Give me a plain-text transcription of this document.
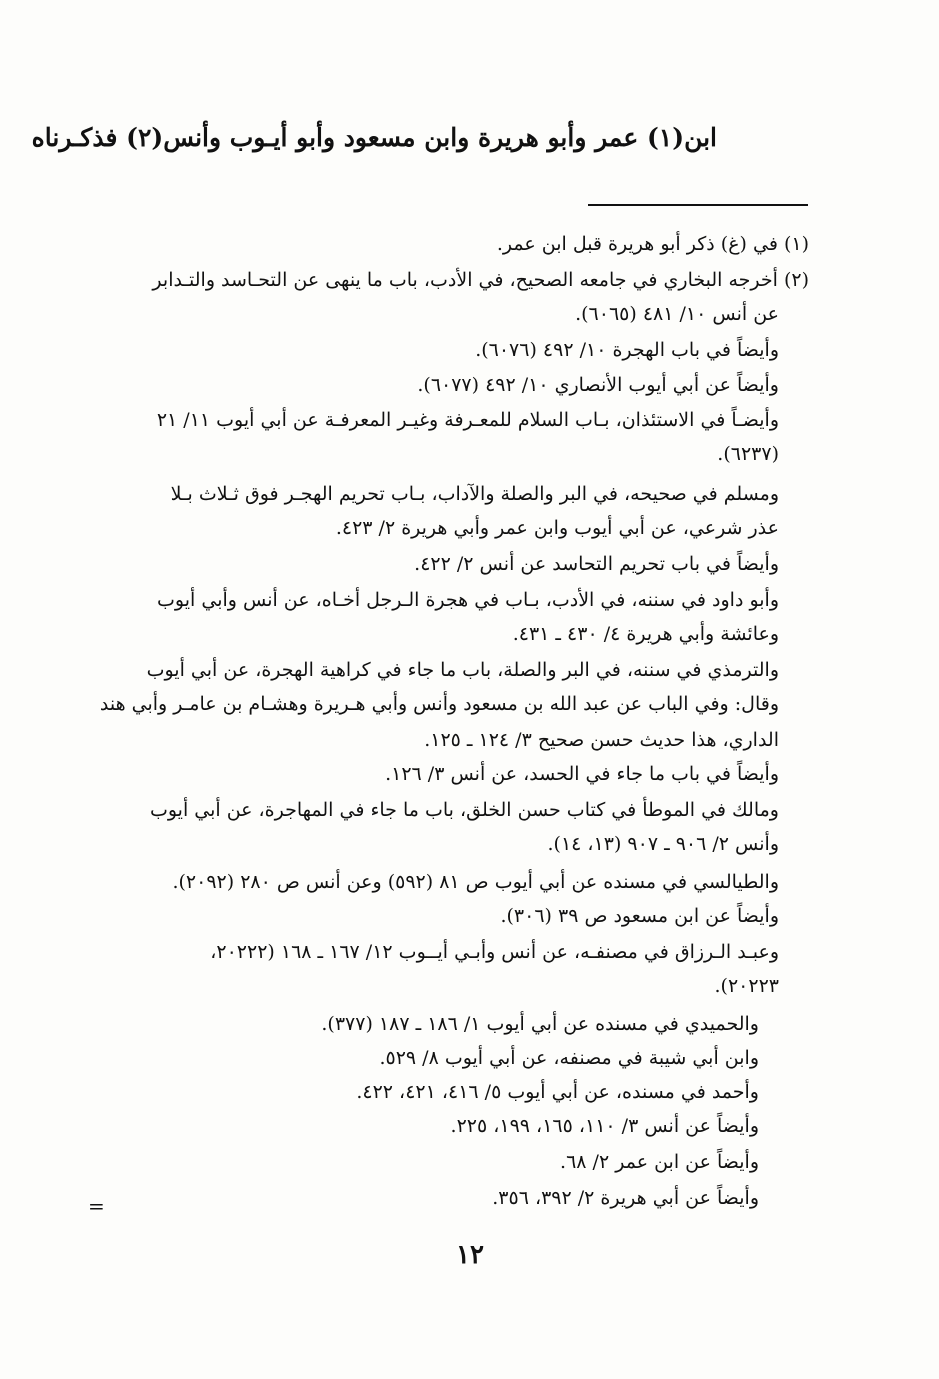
ابن(١) عمر وأبو هريرة وابن مسعود وأبو أيـوب وأنس(٢) فذكـرناه
(١) في (غ) ذكر أبو هريرة قبل ابن عمر.
(٢) أخرجه البخاري في جامعه الصحيح، في الأدب، باب ما ينهى عن التحـاسد والتـدابر
عن أنس ١٠/ ٤٨١ (٦٠٦٥).
وأيضاً في باب الهجرة ١٠/ ٤٩٢ (٦٠٧٦).
وأيضاً عن أبي أيوب الأنصاري ١٠/ ٤٩٢ (٦٠٧٧).
وأيضـاً في الاستئذان، بـاب السلام للمعـرفة وغيـر المعرفـة عن أبي أيوب ١١/ ٢١
(٦٢٣٧).
ومسلم في صحيحه، في البر والصلة والآداب، بـاب تحريم الهجـر فوق ثـلاث بـلا
عذر شرعي، عن أبي أيوب وابن عمر وأبي هريرة ٢/ ٤٢٣.
وأيضاً في باب تحريم التحاسد عن أنس ٢/ ٤٢٢.
وأبو داود في سننه، في الأدب، بـاب في هجرة الـرجل أخـاه، عن أنس وأبي أيوب
وعائشة وأبي هريرة ٤/ ٤٣٠ ـ ٤٣١.
والترمذي في سننه، في البر والصلة، باب ما جاء في كراهية الهجرة، عن أبي أيوب
وقال: وفي الباب عن عبد الله بن مسعود وأنس وأبي هـريرة وهشـام بن عامـر وأبي هند
الداري، هذا حديث حسن صحيح ٣/ ١٢٤ ـ ١٢٥.
وأيضاً في باب ما جاء في الحسد، عن أنس ٣/ ١٢٦.
ومالك في الموطأ في كتاب حسن الخلق، باب ما جاء في المهاجرة، عن أبي أيوب
وأنس ٢/ ٩٠٦ ـ ٩٠٧ (١٣، ١٤).
والطيالسي في مسنده عن أبي أيوب ص ٨١ (٥٩٢) وعن أنس ص ٢٨٠ (٢٠٩٢).
وأيضاً عن ابن مسعود ص ٣٩ (٣٠٦).
وعبـد الـرزاق في مصنفـه، عن أنس وأبـي أيــوب ١٢/ ١٦٧ ـ ١٦٨ (٢٠٢٢٢،
٢٠٢٢٣).
والحميدي في مسنده عن أبي أيوب ١/ ١٨٦ ـ ١٨٧ (٣٧٧).
وابن أبي شيبة في مصنفه، عن أبي أيوب ٨/ ٥٢٩.
وأحمد في مسنده، عن أبي أيوب ٥/ ٤١٦، ٤٢١، ٤٢٢.
وأيضاً عن أنس ٣/ ١١٠، ١٦٥، ١٩٩، ٢٢٥.
وأيضاً عن ابن عمر ٢/ ٦٨.
وأيضاً عن أبي هريرة ٢/ ٣٩٢، ٣٥٦.
=
١٢
